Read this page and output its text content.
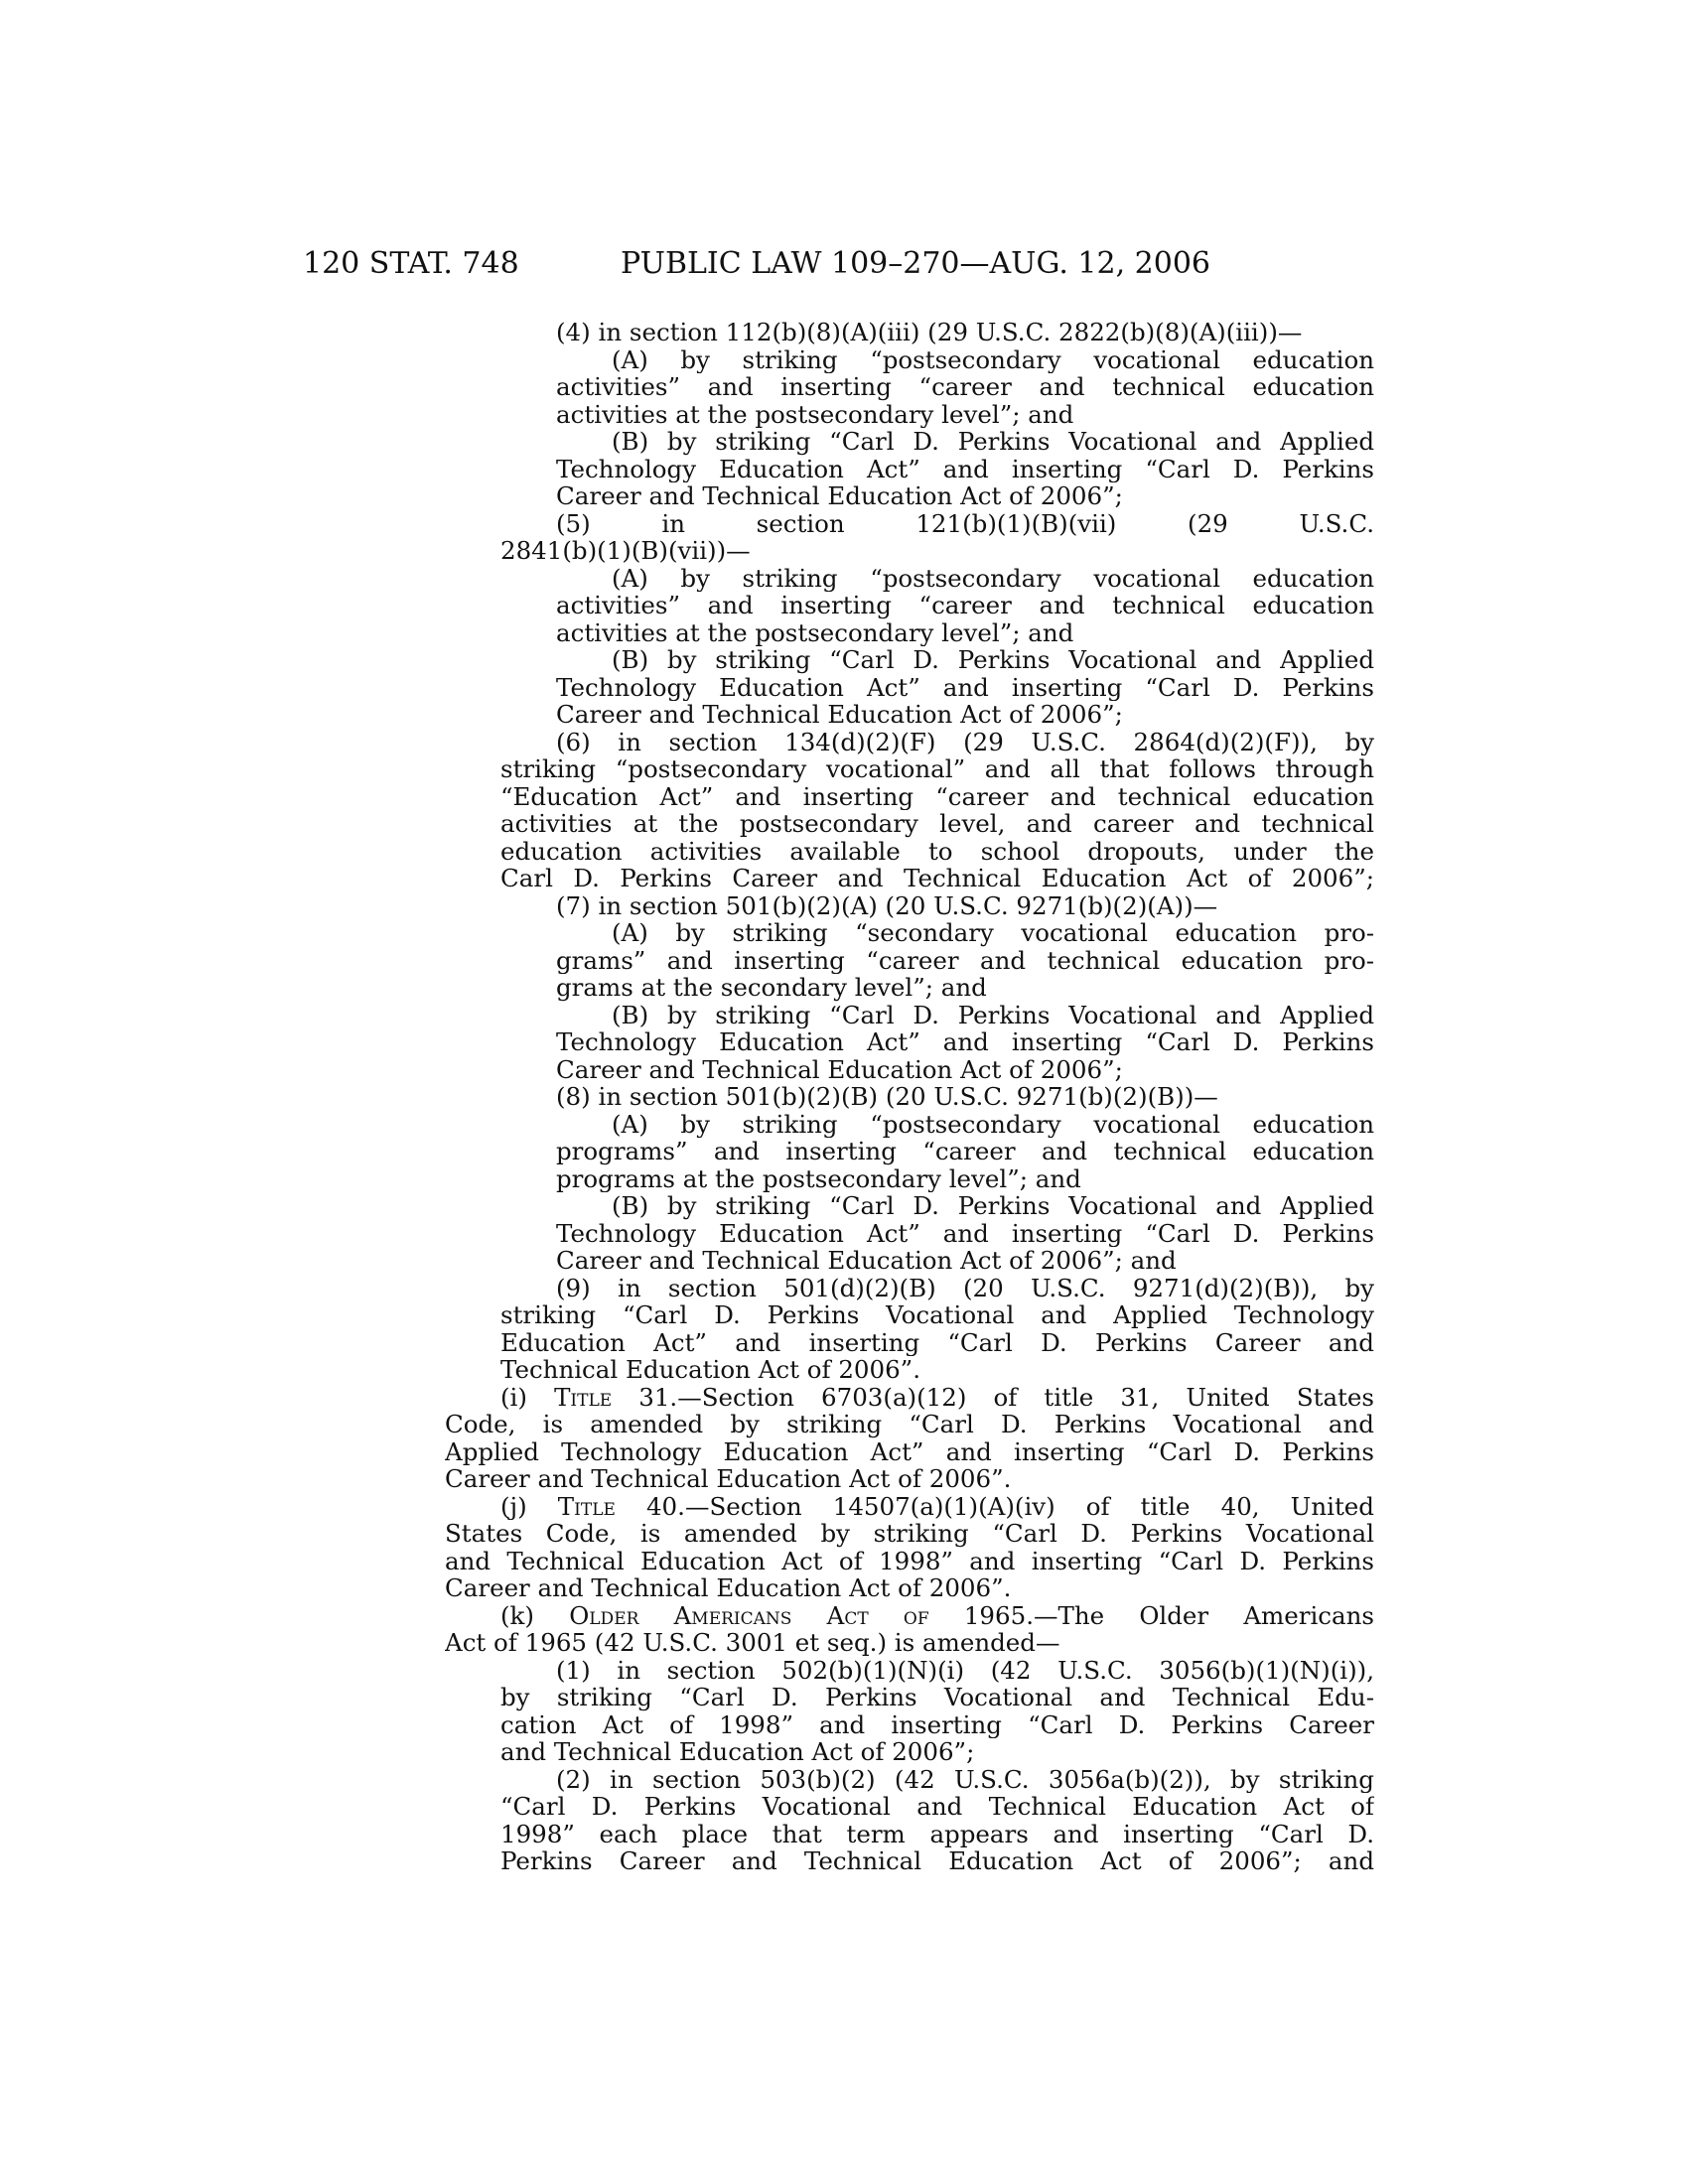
120 STAT. 748	PUBLIC LAW 109–270—AUG. 12, 2006
(4) in section 112(b)(8)(A)(iii) (29 U.S.C. 2822(b)(8)(A)(iii))—
(A) by striking “postsecondary vocational education
activities” and inserting “career and technical education
activities at the postsecondary level”; and
(B) by striking “Carl D. Perkins Vocational and Applied
Technology Education Act” and inserting “Carl D. Perkins
Career and Technical Education Act of 2006”;
(5)     in     section     121(b)(1)(B)(vii)     (29     U.S.C.
2841(b)(1)(B)(vii))—
(A) by striking “postsecondary vocational education
activities” and inserting “career and technical education
activities at the postsecondary level”; and
(B) by striking “Carl D. Perkins Vocational and Applied
Technology Education Act” and inserting “Carl D. Perkins
Career and Technical Education Act of 2006”;
(6) in section 134(d)(2)(F) (29 U.S.C. 2864(d)(2)(F)), by
striking “postsecondary vocational” and all that follows through
“Education Act” and inserting “career and technical education
activities at the postsecondary level, and career and technical
education activities available to school dropouts, under the
Carl D. Perkins Career and Technical Education Act of 2006”;
(7) in section 501(b)(2)(A) (20 U.S.C. 9271(b)(2)(A))—
(A) by striking “secondary vocational education pro-
grams” and inserting “career and technical education pro-
grams at the secondary level”; and
(B) by striking “Carl D. Perkins Vocational and Applied
Technology Education Act” and inserting “Carl D. Perkins
Career and Technical Education Act of 2006”;
(8) in section 501(b)(2)(B) (20 U.S.C. 9271(b)(2)(B))—
(A) by striking “postsecondary vocational education
programs” and inserting “career and technical education
programs at the postsecondary level”; and
(B) by striking “Carl D. Perkins Vocational and Applied
Technology Education Act” and inserting “Carl D. Perkins
Career and Technical Education Act of 2006”; and
(9) in section 501(d)(2)(B) (20 U.S.C. 9271(d)(2)(B)), by
striking “Carl D. Perkins Vocational and Applied Technology
Education Act” and inserting “Carl D. Perkins Career and
Technical Education Act of 2006”.
(i) Title 31.—Section 6703(a)(12) of title 31, United States
Code, is amended by striking “Carl D. Perkins Vocational and
Applied Technology Education Act” and inserting “Carl D. Perkins
Career and Technical Education Act of 2006”.
(j) Title 40.—Section 14507(a)(1)(A)(iv) of title 40, United
States Code, is amended by striking “Carl D. Perkins Vocational
and Technical Education Act of 1998” and inserting “Carl D. Perkins
Career and Technical Education Act of 2006”.
(k) Older Americans Act of 1965.—The Older Americans
Act of 1965 (42 U.S.C. 3001 et seq.) is amended—
(1) in section 502(b)(1)(N)(i) (42 U.S.C. 3056(b)(1)(N)(i)),
by striking “Carl D. Perkins Vocational and Technical Edu-
cation Act of 1998” and inserting “Carl D. Perkins Career
and Technical Education Act of 2006”;
(2) in section 503(b)(2) (42 U.S.C. 3056a(b)(2)), by striking
“Carl D. Perkins Vocational and Technical Education Act of
1998” each place that term appears and inserting “Carl D.
Perkins Career and Technical Education Act of 2006”; and
